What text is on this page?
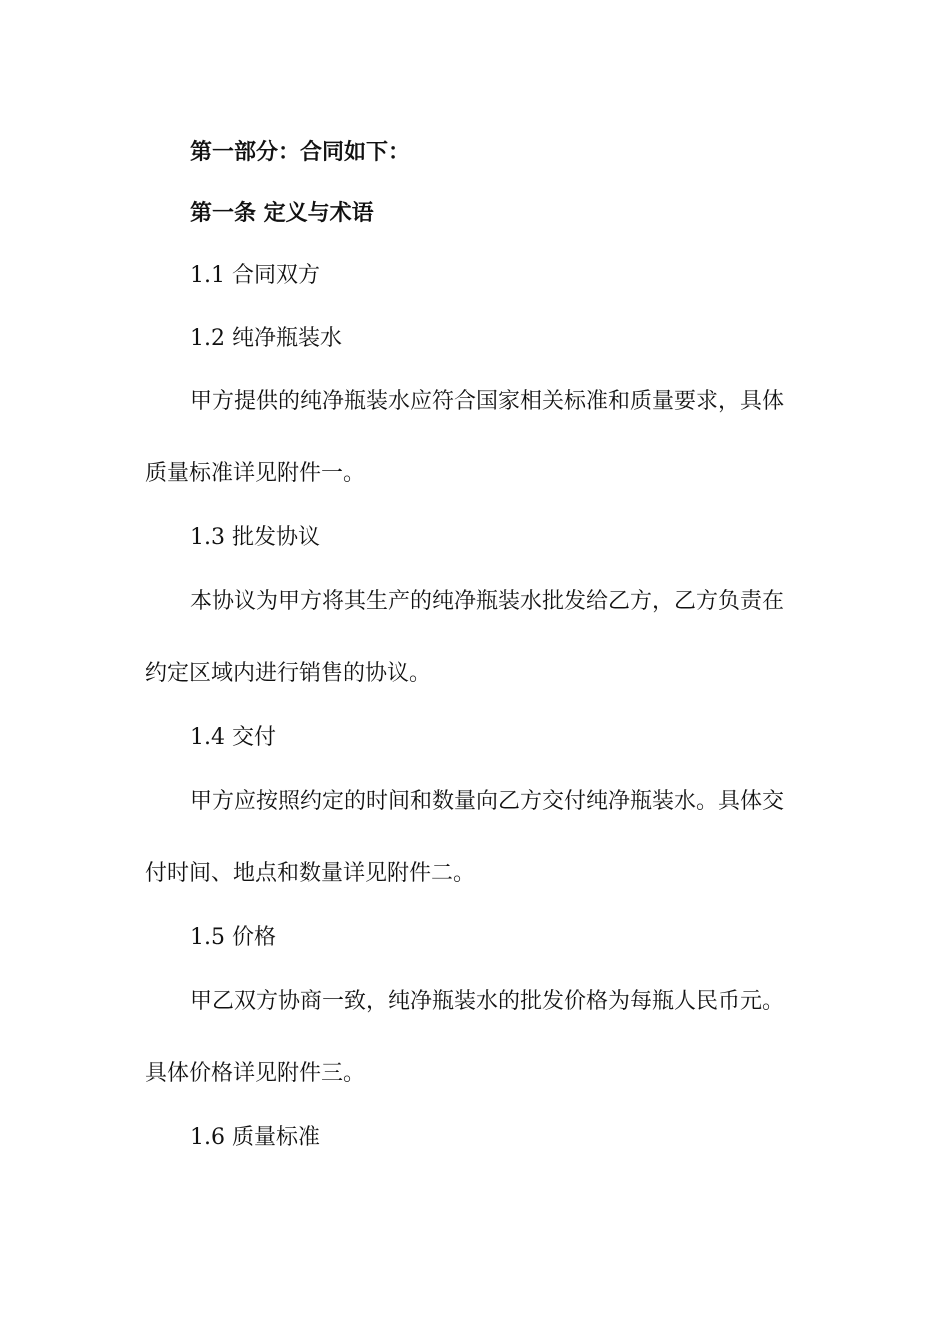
第一部分：合同如下：
第一条 定义与术语
1.1 合同双方
1.2 纯净瓶装水
甲方提供的纯净瓶装水应符合国家相关标准和质量要求，具体
质量标准详见附件一。
1.3 批发协议
本协议为甲方将其生产的纯净瓶装水批发给乙方，乙方负责在
约定区域内进行销售的协议。
1.4 交付
甲方应按照约定的时间和数量向乙方交付纯净瓶装水。具体交
付时间、地点和数量详见附件二。
1.5 价格
甲乙双方协商一致，纯净瓶装水的批发价格为每瓶人民币元。
具体价格详见附件三。
1.6 质量标准
